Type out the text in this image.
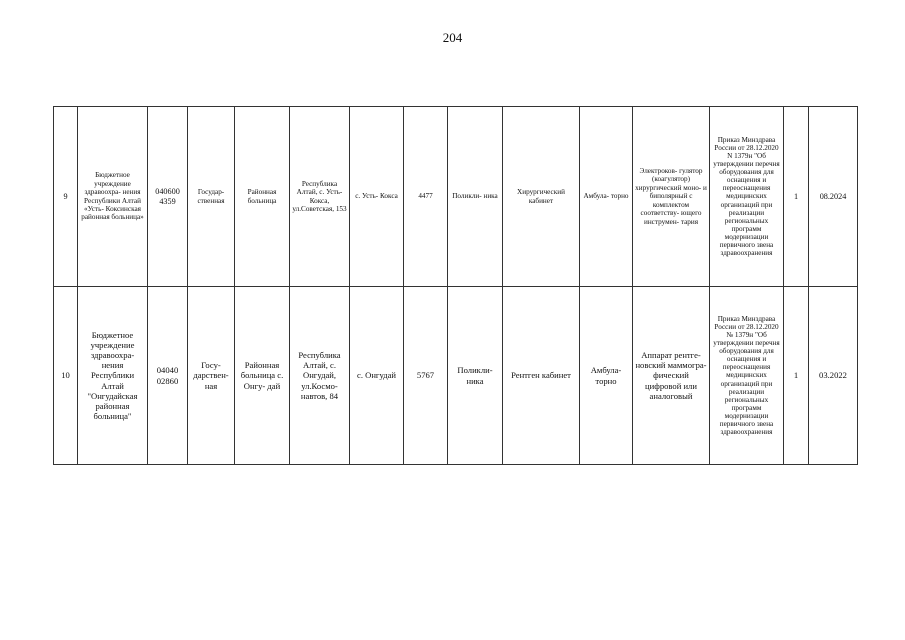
204
9	Бюджетное учреждение здравоохра- нения Республики Алтай «Усть- Коксинская районная больница»	040600 4359	Государ- ственная	Районная больница	Республика Алтай, с. Усть- Кокса, ул.Советская, 153	с. Усть- Кокса	4477	Поликли- ника	Хирургический кабинет	Амбула- торно	Электроков- гулятор (коагулятор) хирургический моно- и биполярный с комплектом соответству- ющего инструмен- тария	Приказ Минздрава России от 28.12.2020 N 1379н "Об утверждении перечня оборудования для оснащения и переоснащения медицинских организаций при реализации региональных программ модернизации первичного звена здравоохранения	1	08.2024
10	Бюджетное учреждение здравоохра- нения Республики Алтай "Онгудайская районная больница"	04040 02860	Госу- дарствен- ная	Районная больница с. Онгу- дай	Республика Алтай, с. Онгудай, ул.Космо- навтов, 84	с. Онгудай	5767	Поликли- ника	Рентген кабинет	Амбула- торно	Аппарат рентге- новский маммогра- фический цифровой или аналоговый	Приказ Минздрава России от 28.12.2020 № 1379н "Об утверждении перечня оборудования для оснащения и переоснащения медицинских организаций при реализации региональных программ модернизации первичного звена здравоохранения	1	03.2022
